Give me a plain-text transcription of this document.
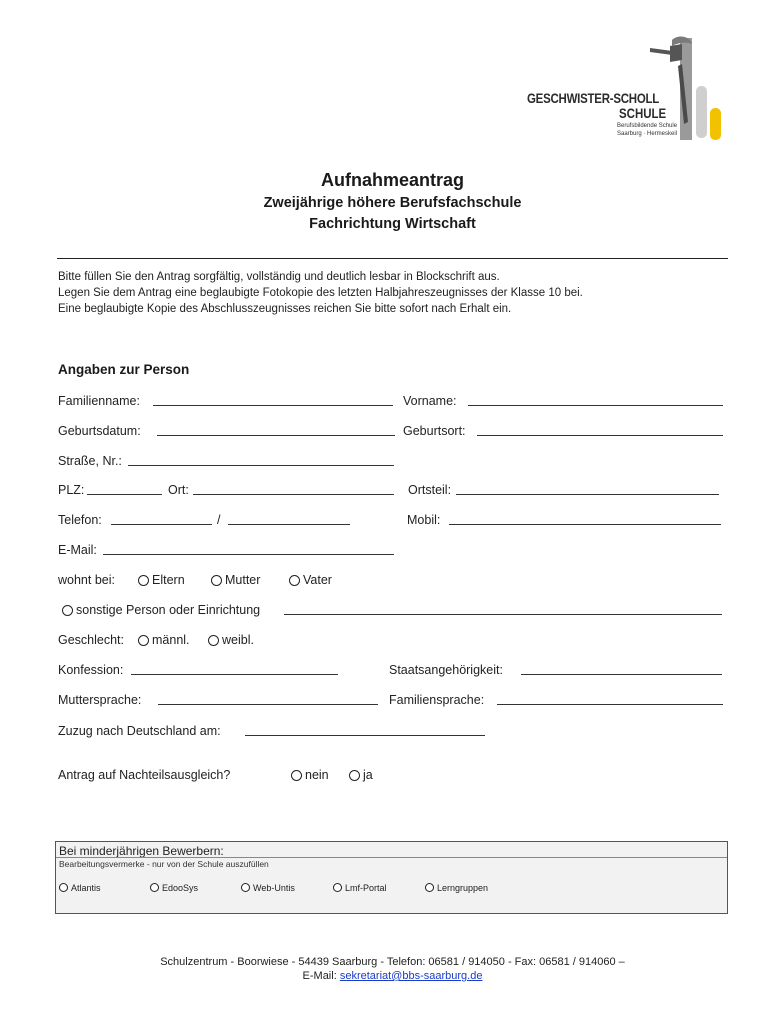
GESCHWISTER-SCHOLL
SCHULE
Berufsbildende Schule
Saarburg · Hermeskeil
Aufnahmeantrag
Zweijährige höhere Berufsfachschule
Fachrichtung Wirtschaft
Bitte füllen Sie den Antrag sorgfältig, vollständig und deutlich lesbar in Blockschrift aus.
Legen Sie dem Antrag eine beglaubigte Fotokopie des letzten Halbjahreszeugnisses der Klasse 10 bei.
Eine beglaubigte Kopie des Abschlusszeugnisses reichen Sie bitte sofort nach Erhalt ein.
Angaben zur Person
Familienname:	Vorname:
Geburtsdatum:	Geburtsort:
Straße, Nr.:
PLZ:	Ort:	Ortsteil:
Telefon:	/	Mobil:
E-Mail:
wohnt bei:	Eltern	Mutter	Vater
sonstige Person oder Einrichtung
Geschlecht:	männl.	weibl.
Konfession:	Staatsangehörigkeit:
Muttersprache:	Familiensprache:
Zuzug nach Deutschland am:
Antrag auf Nachteilsausgleich?	nein	ja
Bei minderjährigen Bewerbern:
Bearbeitungsvermerke - nur von der Schule auszufüllen
Atlantis	EdooSys	Web-Untis	Lmf-Portal	Lerngruppen
Schulzentrum - Boorwiese - 54439 Saarburg - Telefon: 06581 / 914050 - Fax: 06581 / 914060 –
E-Mail: sekretariat@bbs-saarburg.de
